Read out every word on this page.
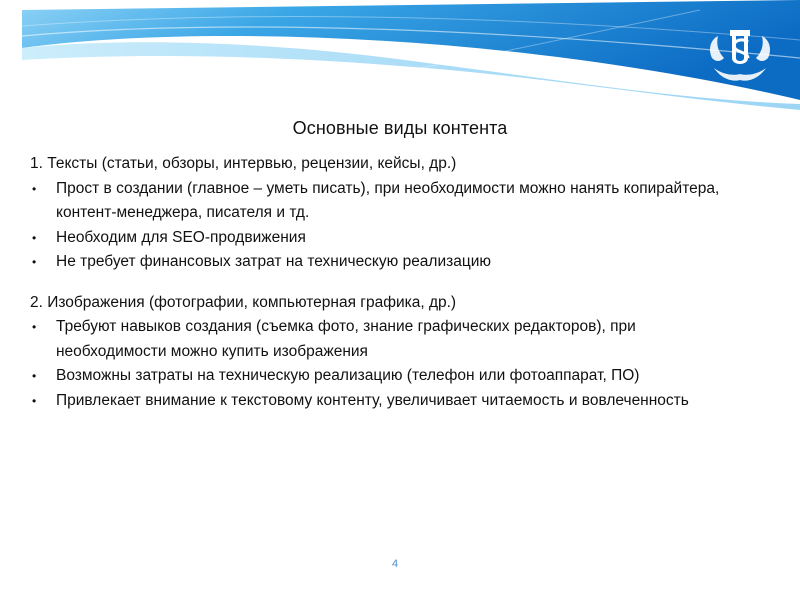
Основные виды контента
1. Тексты (статьи, обзоры, интервью, рецензии, кейсы, др.)
• Прост в создании (главное – уметь писать), при необходимости можно нанять копирайтера, контент-менеджера, писателя и тд.
• Необходим для SEO-продвижения
• Не требует финансовых затрат на техническую реализацию
2. Изображения (фотографии, компьютерная графика, др.)
• Требуют навыков создания (съемка фото, знание графических редакторов), при необходимости можно купить изображения
• Возможны затраты на техническую реализацию (телефон или фотоаппарат, ПО)
• Привлекает внимание к текстовому контенту, увеличивает читаемость и вовлеченность
4
